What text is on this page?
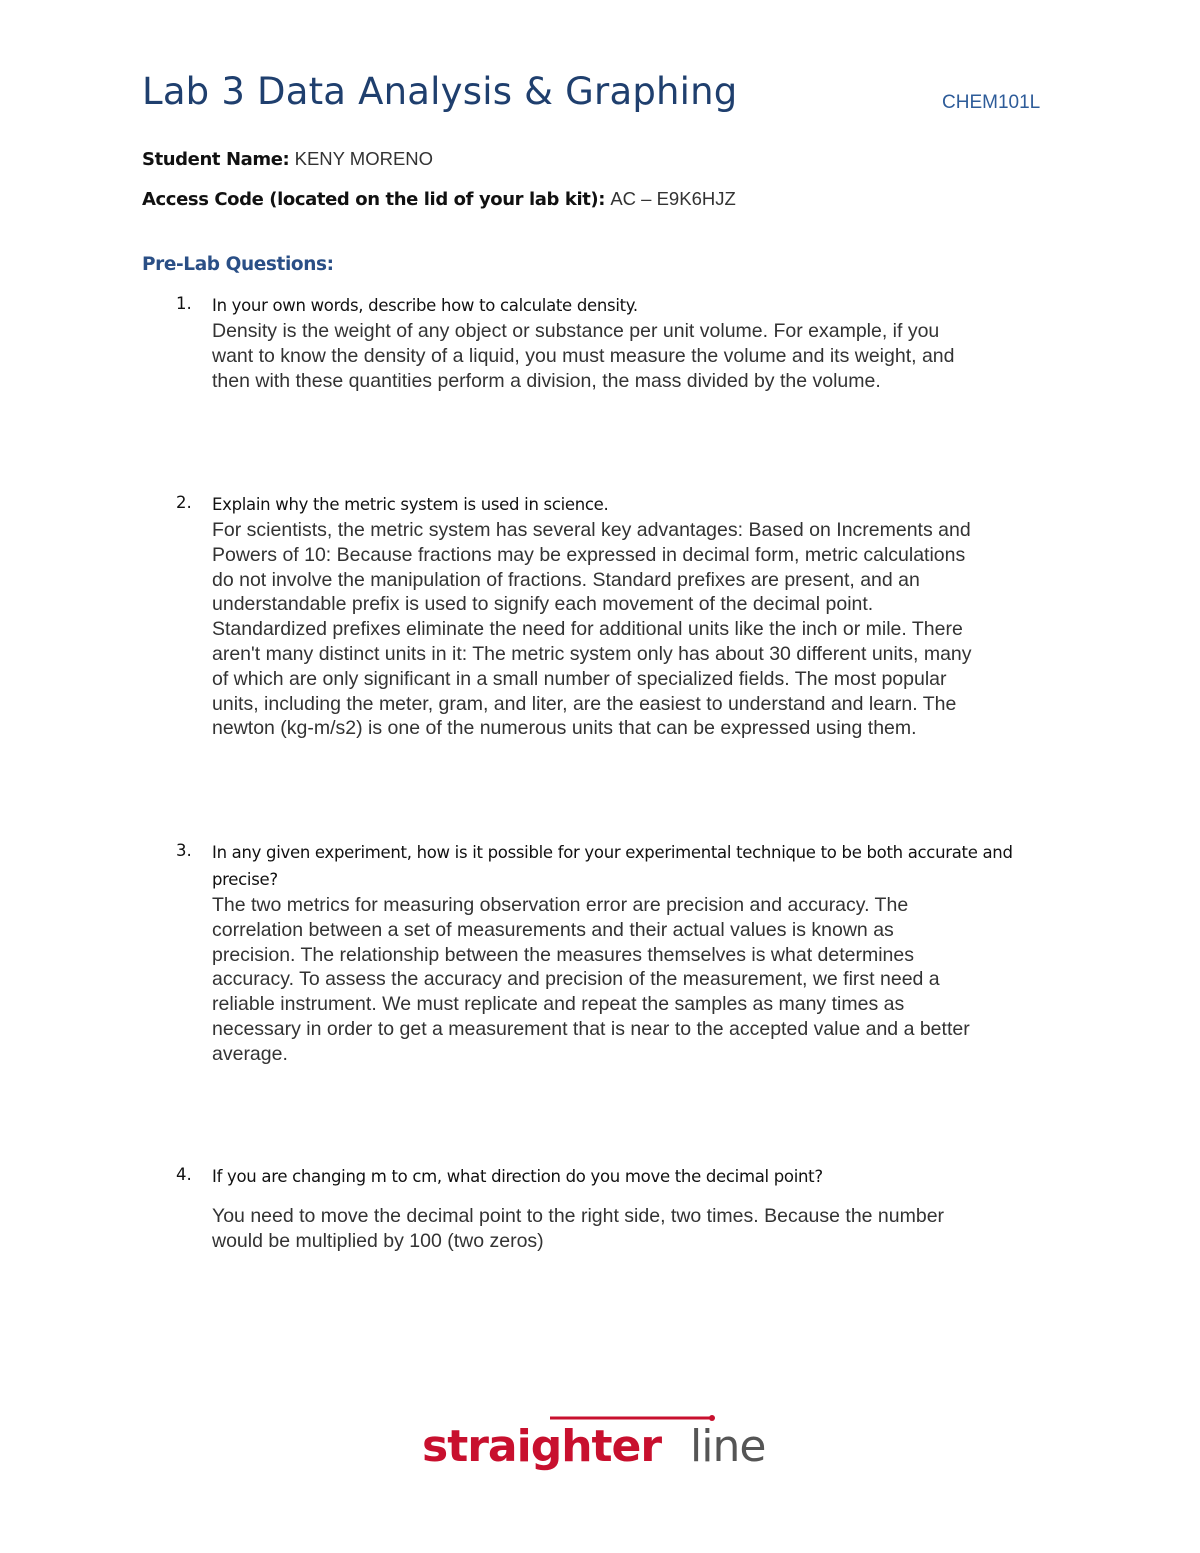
Lab 3 Data Analysis & Graphing	CHEM101L
Student Name: KENY MORENO
Access Code (located on the lid of your lab kit): AC – E9K6HJZ
Pre-Lab Questions:
1. In your own words, describe how to calculate density.
Density is the weight of any object or substance per unit volume. For example, if you
want to know the density of a liquid, you must measure the volume and its weight, and
then with these quantities perform a division, the mass divided by the volume.
2. Explain why the metric system is used in science.
For scientists, the metric system has several key advantages: Based on Increments and
Powers of 10: Because fractions may be expressed in decimal form, metric calculations
do not involve the manipulation of fractions. Standard prefixes are present, and an
understandable prefix is used to signify each movement of the decimal point.
Standardized prefixes eliminate the need for additional units like the inch or mile. There
aren't many distinct units in it: The metric system only has about 30 different units, many
of which are only significant in a small number of specialized fields. The most popular
units, including the meter, gram, and liter, are the easiest to understand and learn. The
newton (kg-m/s2) is one of the numerous units that can be expressed using them.
3. In any given experiment, how is it possible for your experimental technique to be both accurate and precise?
The two metrics for measuring observation error are precision and accuracy. The
correlation between a set of measurements and their actual values is known as
precision. The relationship between the measures themselves is what determines
accuracy. To assess the accuracy and precision of the measurement, we first need a
reliable instrument. We must replicate and repeat the samples as many times as
necessary in order to get a measurement that is near to the accepted value and a better
average.
4. If you are changing m to cm, what direction do you move the decimal point?
You need to move the decimal point to the right side, two times. Because the number
would be multiplied by 100 (two zeros)
straighter line
